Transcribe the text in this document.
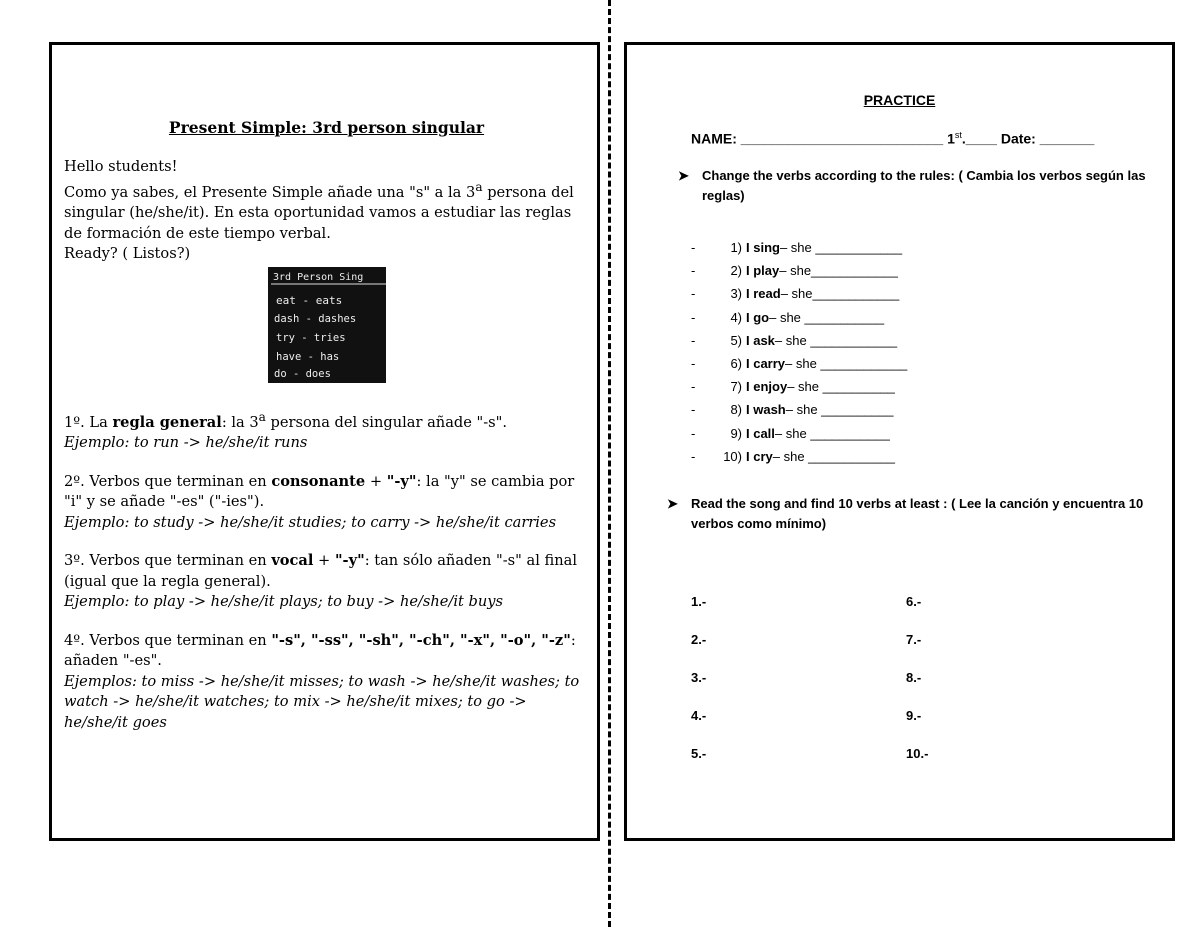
Present Simple: 3rd person singular

Hello students!

Como ya sabes, el Presente Simple añade una "s" a la 3$^a$ persona del singular (he/she/it). En esta oportunidad vamos a estudiar las reglas de formación de este tiempo verbal.

Ready? ( Listos?)

3rd Person Sing
eat - eats
dash - dashes
try - tries
have - has
do - does

1º. La regla general: la 3$^a$ persona del singular añade "-s".

Ejemplo: to run -> he/she/it runs

2º. Verbos que terminan en consonante + "-y": la "y" se cambia por "i" y se añade "-es" ("-ies").

Ejemplo: to study -> he/she/it studies; to carry -> he/she/it carries

3º. Verbos que terminan en vocal + "-y": tan sólo añaden "-s" al final (igual que la regla general).

Ejemplo: to play -> he/she/it plays; to buy -> he/she/it buys

4º. Verbos que terminan en "-s", "-ss", "-sh", "-ch", "-x", "-o", "-z": añaden "-es".

Ejemplos: to miss -> he/she/it misses; to wash -> he/she/it washes; to watch -> he/she/it watches; to mix -> he/she/it mixes; to go -> he/she/it goes

PRACTICE
NAME: __________________________ 1st.____ Date: _______
➤ Change the verbs according to the rules: ( Cambia los verbos según las reglas)
-	1) I sing – she ____________
-	2) I play – she____________
-	3) I read – she____________
-	4) I go – she ___________
-	5) I ask – she ____________
-	6) I carry – she ____________
-	7) I enjoy – she __________
-	8) I wash – she __________
-	9) I call – she ___________
-	10) I cry – she ____________
➤ Read the song and find 10 verbs at least : ( Lee la canción y encuentra 10 verbos como mínimo)
1.-
2.-
3.-
4.-
5.-
6.-
7.-
8.-
9.-
10.-
